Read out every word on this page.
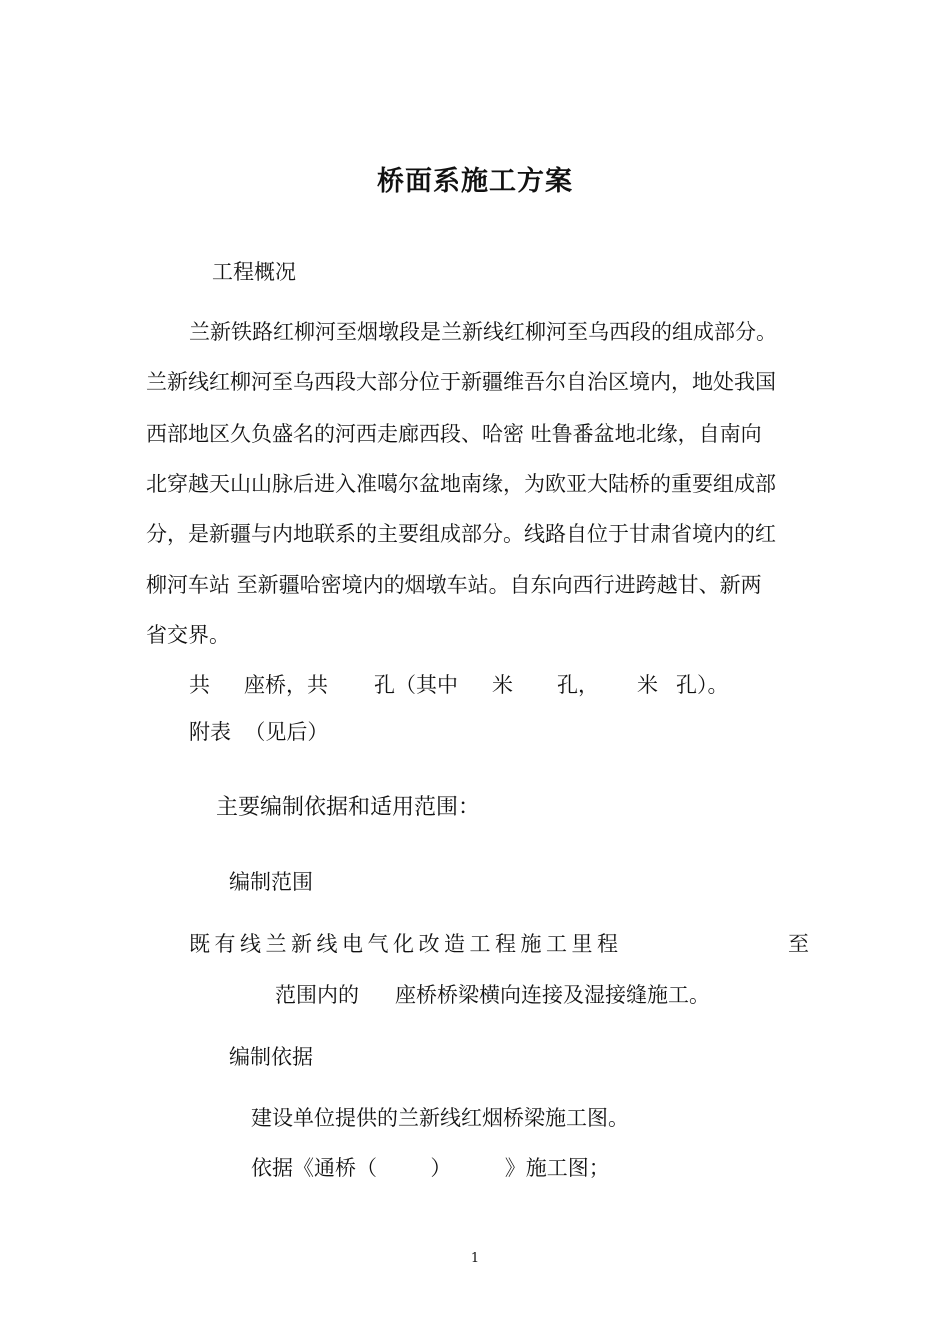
桥面系施工方案
工程概况
兰新铁路红柳河至烟墩段是兰新线红柳河至乌西段的组成部分。
兰新线红柳河至乌西段大部分位于新疆维吾尔自治区境内，地处我国
西部地区久负盛名的河西走廊西段、哈密 吐鲁番盆地北缘，自南向
北穿越天山山脉后进入准噶尔盆地南缘，为欧亚大陆桥的重要组成部
分，是新疆与内地联系的主要组成部分。线路自位于甘肃省境内的红
柳河车站 至新疆哈密境内的烟墩车站。自东向西行进跨越甘、新两
省交界。
共 座桥，共 孔（其中 米 孔， 米 孔）。
附表  （见后）
主要编制依据和适用范围：
编制范围
既有线兰新线电气化改造工程施工里程	至
范围内的 座桥桥梁横向连接及湿接缝施工。
编制依据
建设单位提供的兰新线红烟桥梁施工图。
依据《通桥（        ）        》施工图；
1
